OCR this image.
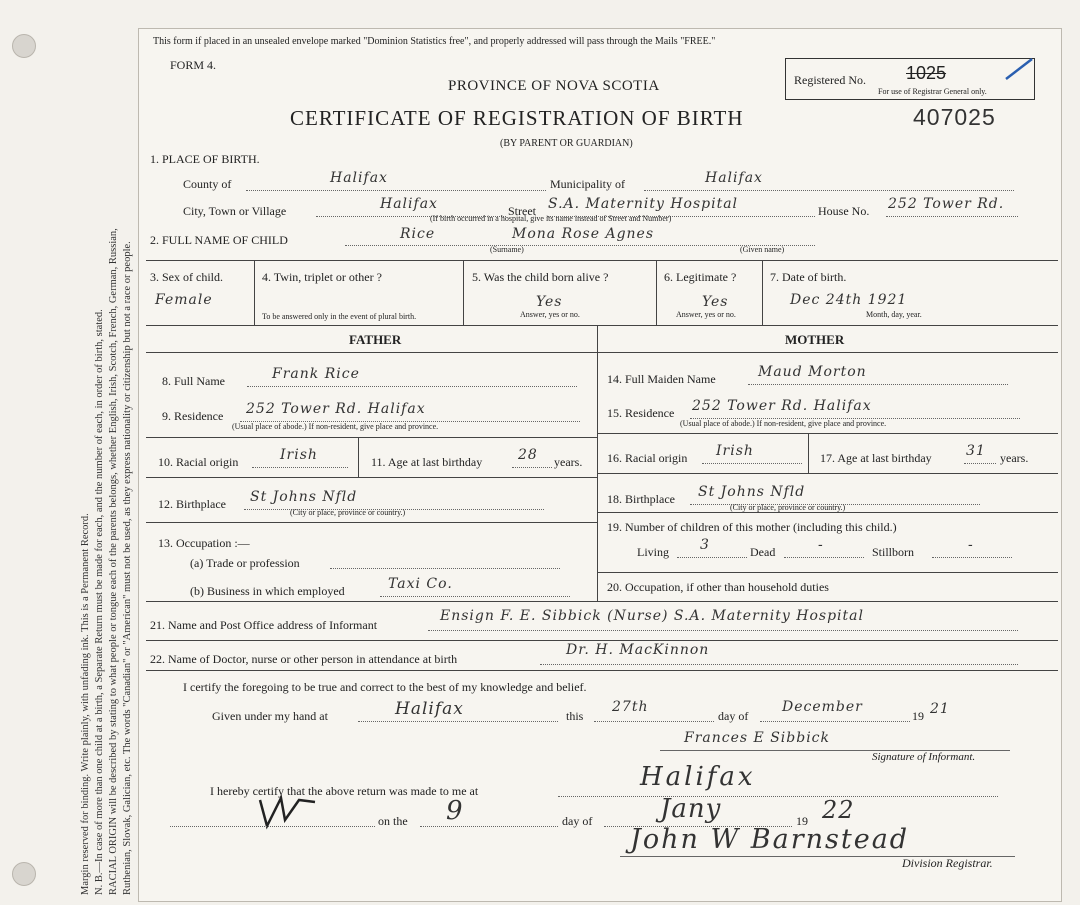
Margin reserved for binding. Write plainly, with unfading ink. This is a Permanent Record. N. B.—In case of more than one child at a birth, a Separate Return must be made for each, and the number of each, in order of birth, stated. RACIAL ORIGIN will be described by stating to what people or tongue each of the parents belongs, whether English, Irish, Scotch, French, German, Russian, Ruthenian, Slovak, Galician, etc. The words "Canadian" or "American" must not be used, as they express nationality or citizenship but not a race or people.
This form if placed in an unsealed envelope marked "Dominion Statistics free", and properly addressed will pass through the Mails "FREE."
FORM 4.
PROVINCE OF NOVA SCOTIA
CERTIFICATE OF REGISTRATION OF BIRTH
(BY PARENT OR GUARDIAN)
Registered No. 1025
For use of Registrar General only.
407025
1. PLACE OF BIRTH.
County of	Halifax	Municipality of	Halifax
City, Town or Village	Halifax	Street S.A. Maternity Hospital	House No. 252 Tower Rd.
(If birth occurred in a hospital, give its name instead of Street and Number)
2. FULL NAME OF CHILD	Rice	Mona Rose Agnes
(Surname)	(Given name)
3. Sex of child.
Female
4. Twin, triplet or other ?
To be answered only in the event of plural birth.
5. Was the child born alive ?
Yes
Answer, yes or no.
6. Legitimate ?
Yes
Answer, yes or no.
7. Date of birth.
Dec 24th 1921
Month, day, year.
FATHER
8. Full Name	Frank Rice
9. Residence 252 Tower Rd. Halifax
(Usual place of abode.) If non-resident, give place and province.
10. Racial origin	Irish	11. Age at last birthday	28 years.
12. Birthplace St Johns Nfld
(City or place, province or country.)
13. Occupation :—
(a) Trade or profession
(b) Business in which employed	Taxi Co.
MOTHER
14. Full Maiden Name	Maud Morton
15. Residence 252 Tower Rd. Halifax
(Usual place of abode.) If non-resident, give place and province.
16. Racial origin Irish	17. Age at last birthday 31 years.
18. Birthplace St Johns Nfld
(City or place, province or country.)
19. Number of children of this mother (including this child.)
Living 3	Dead	-	Stillborn	-
20. Occupation, if other than household duties
21. Name and Post Office address of Informant
Ensign F. E. Sibbick (Nurse) S.A. Maternity Hospital
22. Name of Doctor, nurse or other person in attendance at birth
Dr. H. MacKinnon
I certify the foregoing to be true and correct to the best of my knowledge and belief.
Given under my hand at	Halifax	this
27th
day of
December
19 21
Frances E Sibbick
Signature of Informant.
I hereby certify that the above return was made to me at	Halifax
on the 9	day of	Jany	19 22
John W Barnstead
Division Registrar.
